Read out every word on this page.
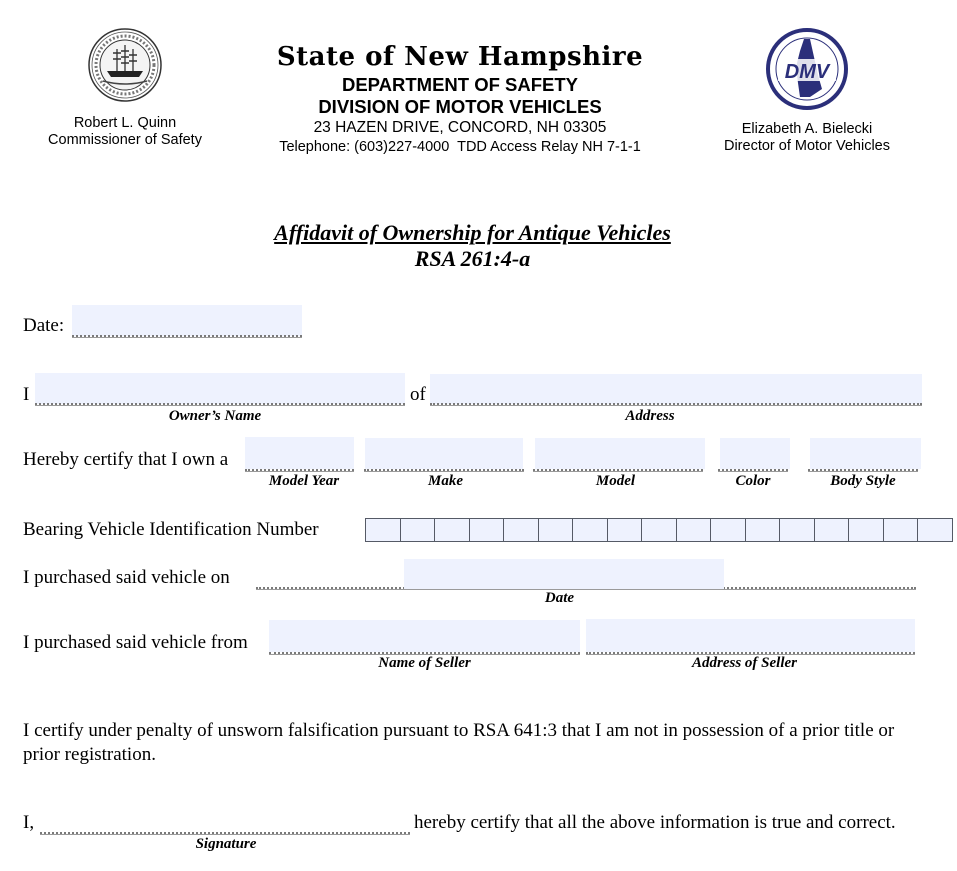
Robert L. Quinn
Commissioner of Safety
State of New Hampshire
DEPARTMENT OF SAFETY
DIVISION OF MOTOR VEHICLES
23 HAZEN DRIVE, CONCORD, NH 03305
Telephone: (603)227-4000  TDD Access Relay NH 7-1-1
DMV
Elizabeth A. Bielecki
Director of Motor Vehicles
Affidavit of Ownership for Antique Vehicles
RSA 261:4-a
Date:
I
Owner’s Name
of
Address
Hereby certify that I own a
Model Year	Make	Model	Color	Body Style
Bearing Vehicle Identification Number
I purchased said vehicle on
Date
I purchased said vehicle from
Name of Seller	Address of Seller
I certify under penalty of unsworn falsification pursuant to RSA 641:3 that I am not in possession of a prior title or prior registration.
I,	hereby certify that all the above information is true and correct.
Signature
